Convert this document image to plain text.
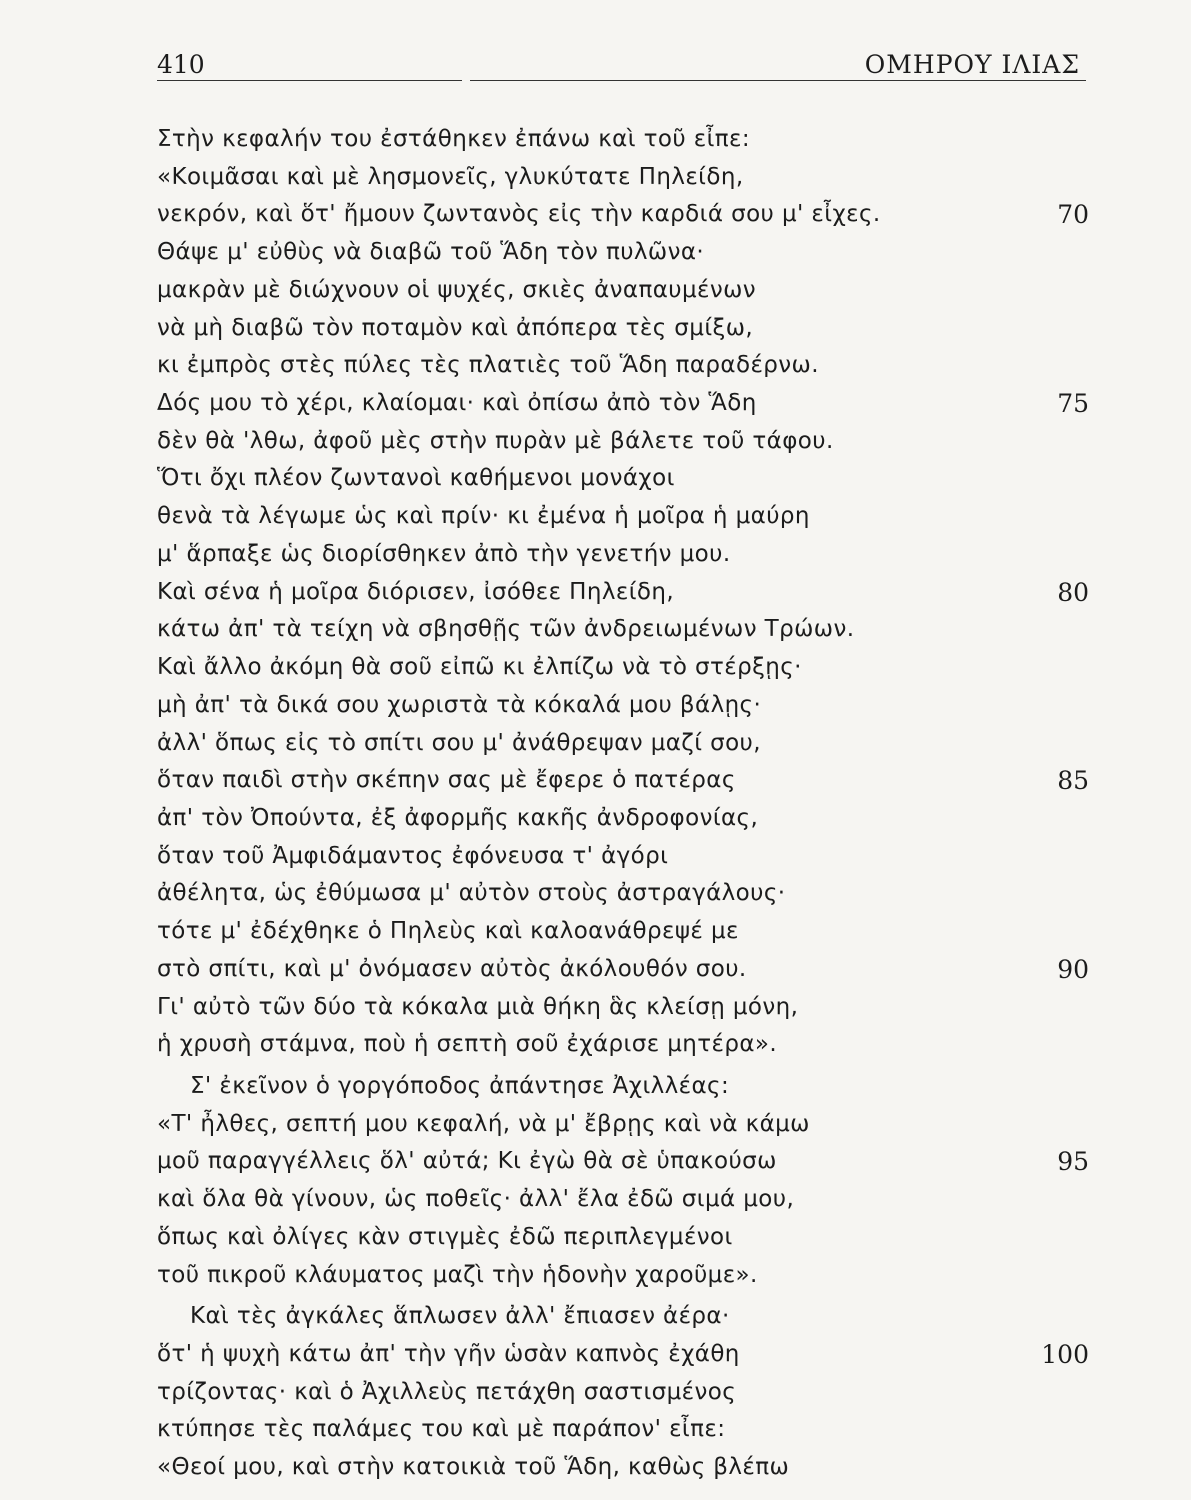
410	ΟΜΗΡΟΥ ΙΛΙΑΣ
Στὴν κεφαλήν του ἐστάθηκεν ἐπάνω καὶ τοῦ εἶπε:
«Κοιμᾶσαι καὶ μὲ λησμονεῖς, γλυκύτατε Πηλείδη,
νεκρόν, καὶ ὅτ' ἤμουν ζωντανὸς εἰς τὴν καρδιά σου μ' εἶχες.	70
Θάψε μ' εὐθὺς νὰ διαβῶ τοῦ Ἅδη τὸν πυλῶνα·
μακρὰν μὲ διώχνουν οἱ ψυχές, σκιὲς ἀναπαυμένων
νὰ μὴ διαβῶ τὸν ποταμὸν καὶ ἀπόπερα τὲς σμίξω,
κι ἐμπρὸς στὲς πύλες τὲς πλατιὲς τοῦ Ἅδη παραδέρνω.
Δός μου τὸ χέρι, κλαίομαι· καὶ ὀπίσω ἀπὸ τὸν Ἅδη	75
δὲν θὰ 'λθω, ἀφοῦ μὲς στὴν πυρὰν μὲ βάλετε τοῦ τάφου.
Ὅτι ὄχι πλέον ζωντανοὶ καθήμενοι μονάχοι
θενὰ τὰ λέγωμε ὡς καὶ πρίν· κι ἐμένα ἡ μοῖρα ἡ μαύρη
μ' ἅρπαξε ὡς διορίσθηκεν ἀπὸ τὴν γενετήν μου.
Καὶ σένα ἡ μοῖρα διόρισεν, ἰσόθεε Πηλείδη,	80
κάτω ἀπ' τὰ τείχη νὰ σβησθῇς τῶν ἀνδρειωμένων Τρώων.
Καὶ ἄλλο ἀκόμη θὰ σοῦ εἰπῶ κι ἐλπίζω νὰ τὸ στέρξῃς·
μὴ ἀπ' τὰ δικά σου χωριστὰ τὰ κόκαλά μου βάλῃς·
ἀλλ' ὅπως εἰς τὸ σπίτι σου μ' ἀνάθρεψαν μαζί σου,
ὅταν παιδὶ στὴν σκέπην σας μὲ ἔφερε ὁ πατέρας	85
ἀπ' τὸν Ὀπούντα, ἐξ ἀφορμῆς κακῆς ἀνδροφονίας,
ὅταν τοῦ Ἀμφιδάμαντος ἐφόνευσα τ' ἀγόρι
ἀθέλητα, ὡς ἐθύμωσα μ' αὐτὸν στοὺς ἀστραγάλους·
τότε μ' ἐδέχθηκε ὁ Πηλεὺς καὶ καλοανάθρεψέ με
στὸ σπίτι, καὶ μ' ὀνόμασεν αὐτὸς ἀκόλουθόν σου.	90
Γι' αὐτὸ τῶν δύο τὰ κόκαλα μιὰ θήκη ἃς κλείσῃ μόνη,
ἡ χρυσὴ στάμνα, ποὺ ἡ σεπτὴ σοῦ ἐχάρισε μητέρα».
Σ' ἐκεῖνον ὁ γοργόποδος ἀπάντησε Ἀχιλλέας:
«Τ' ἦλθες, σεπτή μου κεφαλή, νὰ μ' ἔβρῃς καὶ νὰ κάμω
μοῦ παραγγέλλεις ὅλ' αὐτά; Κι ἐγὼ θὰ σὲ ὑπακούσω	95
καὶ ὅλα θὰ γίνουν, ὡς ποθεῖς· ἀλλ' ἔλα ἐδῶ σιμά μου,
ὅπως καὶ ὀλίγες κὰν στιγμὲς ἐδῶ περιπλεγμένοι
τοῦ πικροῦ κλάυματος μαζὶ τὴν ἡδονὴν χαροῦμε».
Καὶ τὲς ἀγκάλες ἅπλωσεν ἀλλ' ἔπιασεν ἀέρα·
ὅτ' ἡ ψυχὴ κάτω ἀπ' τὴν γῆν ὡσὰν καπνὸς ἐχάθη	100
τρίζοντας· καὶ ὁ Ἀχιλλεὺς πετάχθη σαστισμένος
κτύπησε τὲς παλάμες του καὶ μὲ παράπον' εἶπε:
«Θεοί μου, καὶ στὴν κατοικιὰ τοῦ Ἅδη, καθὼς βλέπω
